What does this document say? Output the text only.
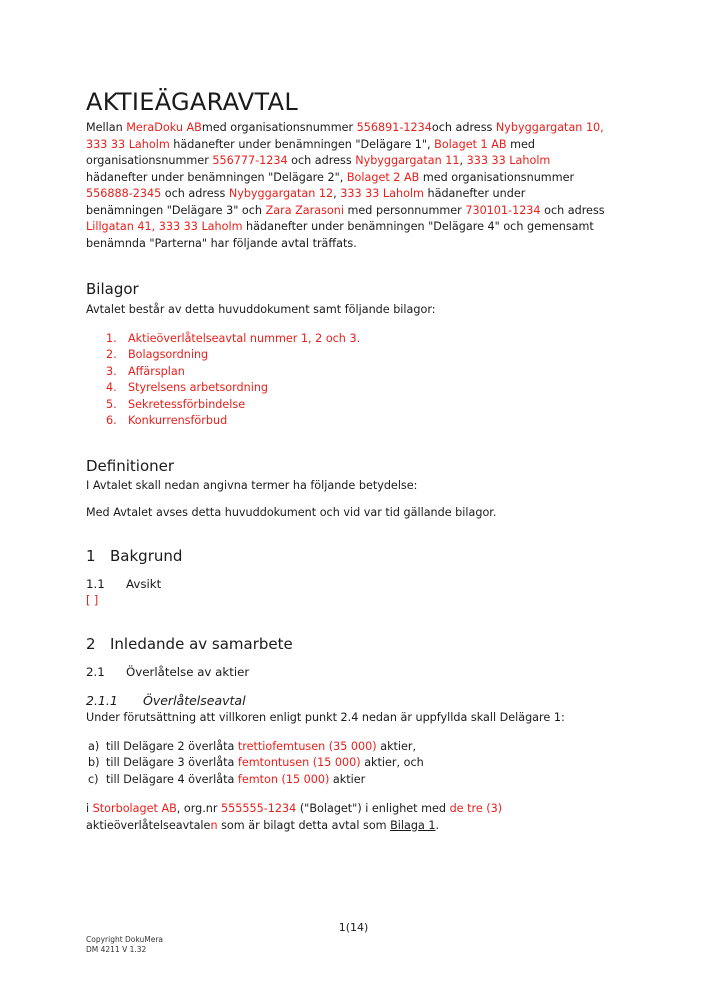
AKTIEÄGARAVTAL

Mellan MeraDoku ABmed organisationsnummer 556891-1234och adress Nybyggargatan 10, 333 33 Laholm hädanefter under benämningen "Delägare 1", Bolaget 1 AB med organisationsnummer 556777-1234 och adress Nybyggargatan 11, 333 33 Laholm hädanefter under benämningen "Delägare 2", Bolaget 2 AB med organisationsnummer 556888-2345 och adress Nybyggargatan 12, 333 33 Laholm hädanefter under benämningen "Delägare 3" och Zara Zarasoni med personnummer 730101-1234 och adress Lillgatan 41, 333 33 Laholm hädanefter under benämningen "Delägare 4" och gemensamt benämnda "Parterna" har följande avtal träffats.

Bilagor

Avtalet består av detta huvuddokument samt följande bilagor:

1.	Aktieöverlåtelseavtal nummer 1, 2 och 3.
2.	Bolagsordning
3.	Affärsplan
4.	Styrelsens arbetsordning
5.	Sekretessförbindelse
6.	Konkurrensförbud
Definitioner

I Avtalet skall nedan angivna termer ha följande betydelse:

Med Avtalet avses detta huvuddokument och vid var tid gällande bilagor.

1 Bakgrund
1.1	Avsikt

[ ]

2 Inledande av samarbete
2.1	Överlåtelse av aktier
2.1.1	Överlåtelseavtal

Under förutsättning att villkoren enligt punkt 2.4 nedan är uppfyllda skall Delägare 1:

a) till Delägare 2 överlåta trettiofemtusen (35 000) aktier,
b) till Delägare 3 överlåta femtontusen (15 000) aktier, och
c) till Delägare 4 överlåta femton (15 000) aktier

i Storbolaget AB, org.nr 555555-1234 ("Bolaget") i enlighet med de tre (3) aktieöverlåtelseavtalen som är bilagt detta avtal som Bilaga 1.

1(14)
Copyright DokuMera
DM 4211 V 1.32
